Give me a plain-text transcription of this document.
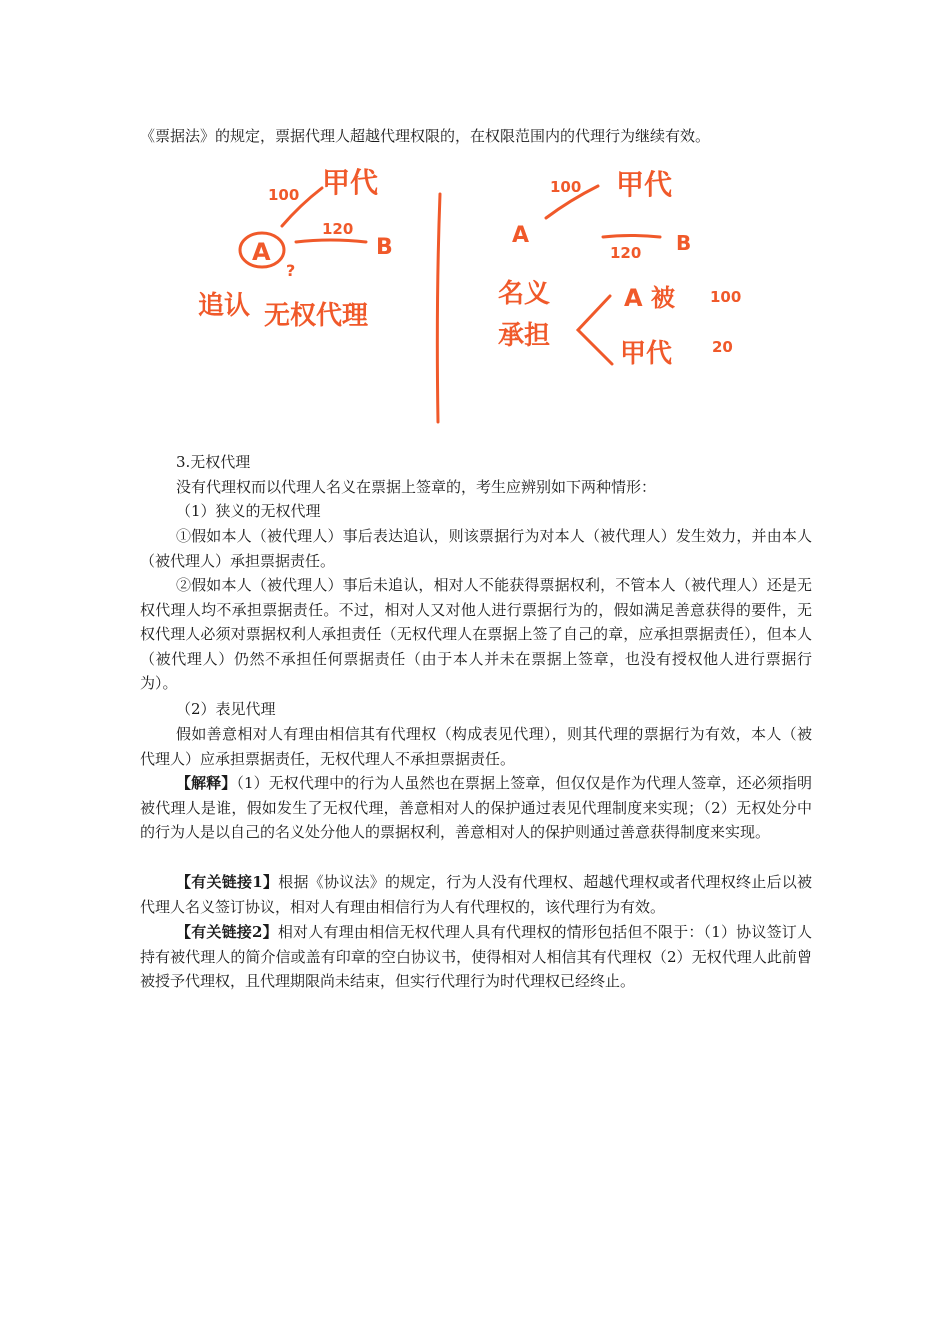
《票据法》的规定，票据代理人超越代理权限的，在权限范围内的代理行为继续有效。
100 甲代
120
A	B
?
追认 无权代理
100 甲代
A
120 B
名义
承担
A 被 100
甲代	20
3.无权代理
没有代理权而以代理人名义在票据上签章的，考生应辨别如下两种情形：
（1）狭义的无权代理
①假如本人（被代理人）事后表达追认，则该票据行为对本人（被代理人）发生效力，并由本人（被代理人）承担票据责任。
②假如本人（被代理人）事后未追认，相对人不能获得票据权利，不管本人（被代理人）还是无权代理人均不承担票据责任。不过，相对人又对他人进行票据行为的，假如满足善意获得的要件，无权代理人必须对票据权利人承担责任（无权代理人在票据上签了自己的章，应承担票据责任），但本人（被代理人）仍然不承担任何票据责任（由于本人并未在票据上签章，也没有授权他人进行票据行为）。
（2）表见代理
假如善意相对人有理由相信其有代理权（构成表见代理），则其代理的票据行为有效，本人（被代理人）应承担票据责任，无权代理人不承担票据责任。
【解释】（1）无权代理中的行为人虽然也在票据上签章，但仅仅是作为代理人签章，还必须指明被代理人是谁，假如发生了无权代理，善意相对人的保护通过表见代理制度来实现；（2）无权处分中的行为人是以自己的名义处分他人的票据权利，善意相对人的保护则通过善意获得制度来实现。
【有关链接1】根据《协议法》的规定，行为人没有代理权、超越代理权或者代理权终止后以被代理人名义签订协议，相对人有理由相信行为人有代理权的，该代理行为有效。
【有关链接2】相对人有理由相信无权代理人具有代理权的情形包括但不限于：（1）协议签订人持有被代理人的简介信或盖有印章的空白协议书，使得相对人相信其有代理权（2）无权代理人此前曾被授予代理权，且代理期限尚未结束，但实行代理行为时代理权已经终止。
